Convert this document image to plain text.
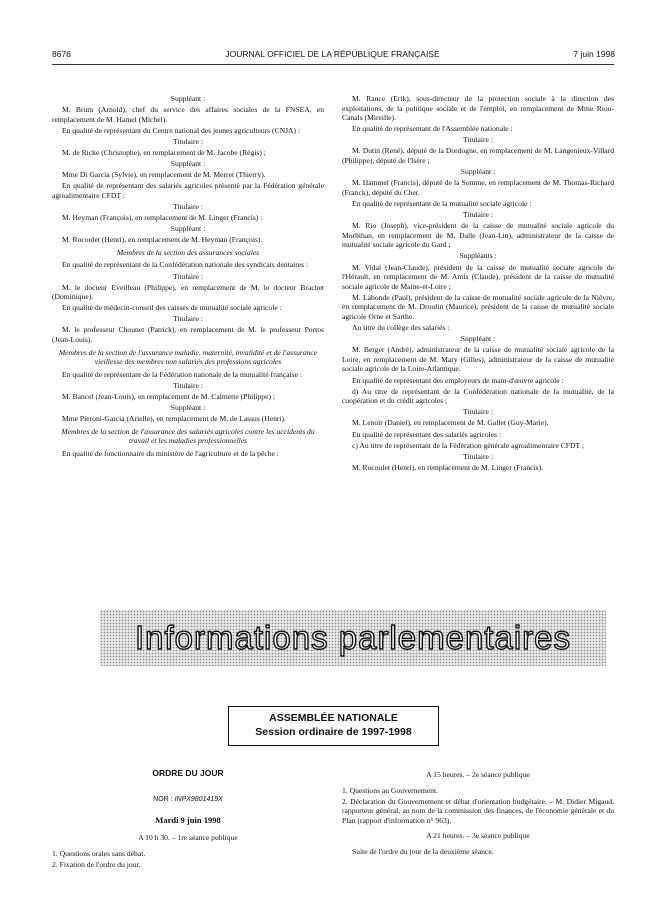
8676	JOURNAL OFFICIEL DE LA RÉPUBLIQUE FRANÇAISE	7 juin 1998

Suppléant :

M. Brum (Arnold), chef du service des affaires sociales de la FNSEA, en remplacement de M. Hamel (Michel).

En qualité de représentant du Centre national des jeunes agriculteurs (CNJA) :

Titulaire :

M. de Ricke (Christophe), en remplacement de M. Jacobe (Régis) ;

Suppléant :

Mme Di Garcia (Sylvie), en remplacement de M. Merret (Thierry).

En qualité de représentant des salariés agricoles présenté par la Fédération générale agroalimentaire CFDT :

Titulaire :

M. Heyman (François), en remplacement de M. Linger (Francis) :

Suppléant :

M. Rocoulet (Henri), en remplacement de M. Heyman (François).

Membres de la section des assurances sociales

En qualité de représentant de la Confédération nationale des syndicats dentaires :

Titulaire :

M. le docteur Eveilleau (Philippe), en remplacement de M. le docteur Brachet (Dominique).

En qualité de médecin-conseil des caisses de mutualité sociale agricole :

Titulaire :

M. le professeur Chounet (Patrick), en remplacement de M. le professeur Portos (Jean-Louis).

Membres de la section de l'assurance maladie, maternité, invalidité et de l'assurance vieillesse des membres non salariés des professions agricoles

En qualité de représentant de la Fédération nationale de la mutualité française :

Titulaire :

M. Bancel (Jean-Louis), en remplacement de M. Calmette (Philippe) ;

Suppléant :

Mme Pieroni-Garcia (Arielle), en remplacement de M. de Lassus (Henri).

Membres de la section de l'assurance des salariés agricoles contre les accidents du travail et les maladies professionnelles

En qualité de fonctionnaire du ministère de l'agriculture et de la pêche :

M. Rance (Erik), sous-directeur de la protection sociale à la direction des exploitations, de la politique sociale et de l'emploi, en remplacement de Mme Riou-Canals (Mireille).

En qualité de représentant de l'Assemblée nationale :

Titulaire :

M. Dutin (René), député de la Dordogne, en remplacement de M. Langenieux-Villard (Philippe), député de l'Isère ;

Suppléant :

M. Hammel (Francis), député de la Somme, en remplacement de M. Thomas-Richard (Franck), député du Cher.

En qualité de représentant de la mutualité sociale agricole :

Titulaire :

M. Rio (Joseph), vice-président de la caisse de mutualité sociale agricole du Morbihan, en remplacement de M. Dalle (Jean-Lin), administrateur de la caisse de mutualité sociale agricole du Gard ;

Suppléants :

M. Vidal (Jean-Claude), président de la caisse de mutualité sociale agricole de l'Hérault, en remplacement de M. Amis (Claude), président de la caisse de mutualité sociale agricole de Maine-et-Loire ;

M. Labonde (Paul), président de la caisse de mutualité sociale agricole de la Nièvre, en remplacement de M. Droulin (Maurice), président de la caisse de mutualité sociale agricole Orne et Sarthe.

Au titre du collège des salariés :

Suppléant :

M. Berger (André), administrateur de la caisse de mutualité sociale agricole de la Loire, en remplacement de M. Mary (Gilles), administrateur de la caisse de mutualité sociale agricole de la Loire-Atlantique.

En qualité de représentant des employeurs de main-d'œuvre agricole :

d) Au titre de représentant de la Confédération nationale de la mutualité, de la coopération et du crédit agricoles ;

Titulaire :

M. Lenoir (Daniel), en remplacement de M. Gallet (Guy-Marie).

En qualité de représentant des salariés agricoles :

c) Au titre de représentant de la Fédération générale agroalimentaire CFDT ;

Titulaire :

M. Rocoulet (Henri), en remplacement de M. Linger (Francis).

Informations parlementaires
ASSEMBLÉE NATIONALE
Session ordinaire de 1997-1998
ORDRE DU JOUR
NOR : INPX9801419X
Mardi 9 juin 1998

A 10 h 30. – 1re séance publique

1. Questions orales sans débat.

2. Fixation de l'ordre du jour.

A 15 heures. – 2e séance publique

1. Questions au Gouvernement.

2. Déclaration du Gouvernement et débat d'orientation budgétaire. – M. Didier Migaud, rapporteur général, au nom de la commission des finances, de l'économie générale et du Plan (rapport d'information n° 963).

A 21 heures. – 3e séance publique

Suite de l'ordre du jour de la deuxième séance.
